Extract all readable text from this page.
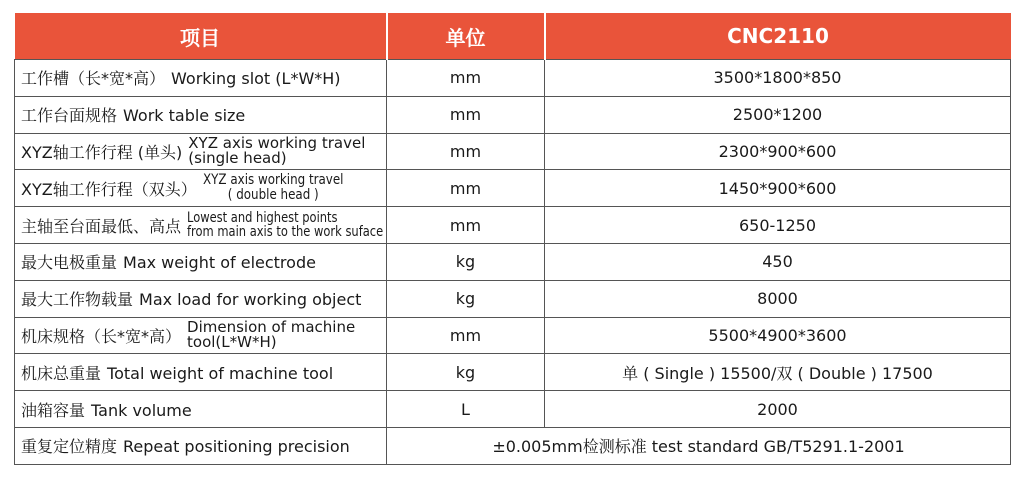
项目	单位	CNC2110
工作槽（长*宽*高） Working slot (L*W*H)	mm	3500*1800*850
工作台面规格 Work table size	mm	2500*1200

XYZ轴工作行程 (单头) XYZ axis working travel
(single head)	mm	2300*900*600

XYZ轴工作行程（双头） XYZ axis working travel
( double head )	mm	1450*900*600

主轴至台面最低、高点 Lowest and highest points
from main axis to the work suface	mm	650-1250
最大电极重量 Max weight of electrode	kg	450
最大工作物载量 Max load for working object	kg	8000

机床规格（长*宽*高） Dimension of machine
tool(L*W*H)	mm	5500*4900*3600
机床总重量 Total weight of machine tool	kg	单 ( Single ) 15500/双 ( Double ) 17500
油箱容量 Tank volume	L	2000
重复定位精度 Repeat positioning precision	±0.005mm检测标准 test standard GB/T5291.1-2001	
